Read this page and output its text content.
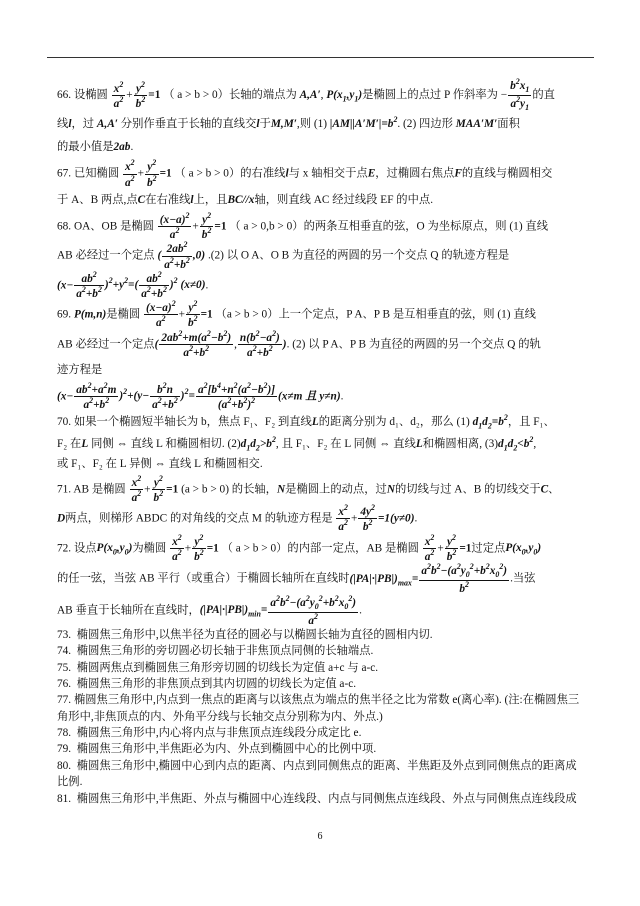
66. 设椭圆 $\frac{x^2}{a^2} + \frac{y^2}{b^2} =1$ （ a > b > 0）长轴的端点为 A,A′, $P(x_1,y_1)$是椭圆上的点过 P 作斜率为 − $\frac{b^2x_1}{a^2y_1}$ 的直
线l，过 A,A′ 分别作垂直于长轴的直线交l于M,M′,则 (1) $|AM||A'M'|=b^2$. (2) 四边形 MAA′M′面积
的最小值是2ab.

67. 已知椭圆 $\frac{x^2}{a^2} + \frac{y^2}{b^2} =1$ （ a > b > 0）的右准线l与 x 轴相交于点E，过椭圆右焦点F的直线与椭圆相交
于 A、B 两点,点C在右准线l上，且BC//x轴，则直线 AC 经过线段 EF 的中点.

68. OA、OB 是椭圆 $\frac{(x-a)^2}{a^2} + \frac{y^2}{b^2} =1$ （ a > 0,b > 0）的两条互相垂直的弦，O 为坐标原点，则 (1) 直线
AB 必经过一个定点 ( $\frac{2ab^2}{a^2+b^2} ,0$) .(2) 以 O A、O B 为直径的两圆的另一个交点 Q 的轨迹方程是
$(x- \frac{ab^2}{a^2+b^2} )^2+y^2=( \frac{ab^2}{a^2+b^2} )^2$ (x≠0).

69. P(m,n)是椭圆 $\frac{(x-a)^2}{a^2} + \frac{y^2}{b^2} =1$ （a > b > 0）上一个定点，P A、P B 是互相垂直的弦，则 (1) 直线
AB 必经过一个定点( $\frac{2ab^2+m(a^2-b^2)}{a^2+b^2}$ , $\frac{n(b^2-a^2)}{a^2+b^2}$ ). (2) 以 P A、P B 为直径的两圆的另一个交点 Q 的轨
迹方程是
$(x- \frac{ab^2+a^2m}{a^2+b^2} )^2+(y- \frac{b^2n}{a^2+b^2} )^2= \frac{a^2[b^4+n^2(a^2-b^2)]}{(a^2+b^2)^2} (x\ne m$ 且 y≠n).

70. 如果一个椭圆短半轴长为 b，焦点 F₁、F₂ 到直线L的距离分别为 d₁、d₂，那么 (1) $d_1d_2=b^2$，且 F₁、
F₂ 在L 同侧 ⇔ 直线 L 和椭圆相切. $(2)d_1d_2>b^2$, 且 F₁、F₂ 在 L 同侧 ⇔ 直线L和椭圆相离, $(3)d_1d_2<b^2$,
或 F₁、F₂ 在 L 异侧 ⇔ 直线 L 和椭圆相交.

71. AB 是椭圆 $\frac{x^2}{a^2} + \frac{y^2}{b^2} =1$ (a > b > 0) 的长轴，N是椭圆上的动点，过N的切线与过 A、B 的切线交于C、
D两点，则梯形 ABDC 的对角线的交点 M 的轨迹方程是 $\frac{x^2}{a^2} + \frac{4y^2}{b^2} =1(y\ne 0)$.

72. 设点$P(x_0,y_0)$为椭圆 $\frac{x^2}{a^2} + \frac{y^2}{b^2} =1$ （ a > b > 0）的内部一定点，AB 是椭圆 $\frac{x^2}{a^2} + \frac{y^2}{b^2} =1$过定点$P(x_0,y_0)$
的任一弦，当弦 AB 平行（或重合）于椭圆长轴所在直线时$(|PA|\cdot|PB|)_{max}= \frac{a^2b^2-(a^2y_0^2+b^2x_0^2)}{b^2}$ .当弦
AB 垂直于长轴所在直线时，$(|PA|\cdot|PB|)_{min}= \frac{a^2b^2-(a^2y_0^2+b^2x_0^2)}{a^2}$ .

73. 椭圆焦三角形中,以焦半径为直径的圆必与以椭圆长轴为直径的圆相内切.

74. 椭圆焦三角形的旁切圆必切长轴于非焦顶点同侧的长轴端点.

75. 椭圆两焦点到椭圆焦三角形旁切圆的切线长为定值 a+c 与 a-c.

76. 椭圆焦三角形的非焦顶点到其内切圆的切线长为定值 a-c.

77. 椭圆焦三角形中,内点到一焦点的距离与以该焦点为端点的焦半径之比为常数 e(离心率). (注:在椭圆焦三
角形中,非焦顶点的内、外角平分线与长轴交点分别称为内、外点.)

78. 椭圆焦三角形中,内心将内点与非焦顶点连线段分成定比 e.

79. 椭圆焦三角形中,半焦距必为内、外点到椭圆中心的比例中项.

80. 椭圆焦三角形中,椭圆中心到内点的距离、内点到同侧焦点的距离、半焦距及外点到同侧焦点的距离成
比例.

81. 椭圆焦三角形中,半焦距、外点与椭圆中心连线段、内点与同侧焦点连线段、外点与同侧焦点连线段成

6
